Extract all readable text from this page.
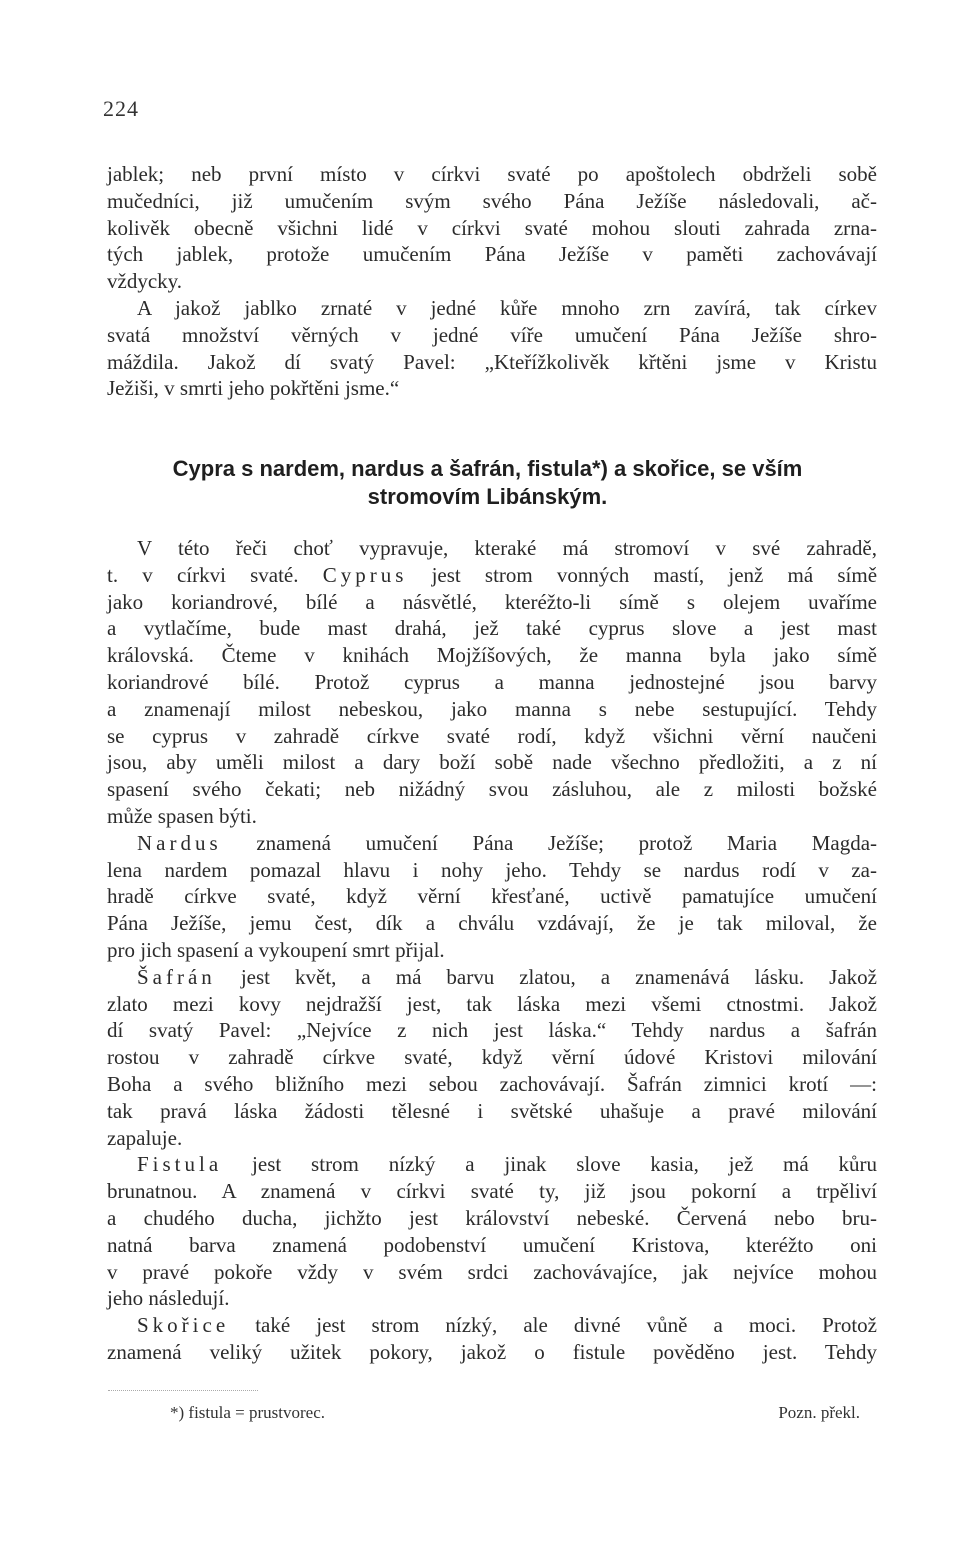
224
jablek; neb první místo v církvi svaté po apoštolech obdrželi sobě
mučedníci, již umučením svým svého Pána Ježíše následovali, ač-
kolivěk obecně všichni lidé v církvi svaté mohou slouti zahrada zrna-
tých jablek, protože umučením Pána Ježíše v paměti zachovávají
vždycky.
A jakož jablko zrnaté v jedné kůře mnoho zrn zavírá, tak církev
svatá množství věrných v jedné víře umučení Pána Ježíše shro-
máždila. Jakož dí svatý Pavel: „Kteřížkolivěk křtěni jsme v Kristu
Ježiši, v smrti jeho pokřtěni jsme.“
Cypra s nardem, nardus a šafrán, fistula*) a skořice, se vším
stromovím Libánským.
V této řeči choť vypravuje, kteraké má stromoví v své zahradě,
t. v církvi svaté. Cyprus jest strom vonných mastí, jenž má símě
jako koriandrové, bílé a násvětlé, kteréžto-li símě s olejem uvaříme
a vytlačíme, bude mast drahá, jež také cyprus slove a jest mast
královská. Čteme v knihách Mojžíšových, že manna byla jako símě
koriandrové bílé. Protož cyprus a manna jednostejné jsou barvy
a znamenají milost nebeskou, jako manna s nebe sestupující. Tehdy
se cyprus v zahradě církve svaté rodí, když všichni věrní naučeni
jsou, aby uměli milost a dary boží sobě nade všechno předložiti, a z ní
spasení svého čekati; neb nižádný svou zásluhou, ale z milosti božské
může spasen býti.
Nardus znamená umučení Pána Ježíše; protož Maria Magda-
lena nardem pomazal hlavu i nohy jeho. Tehdy se nardus rodí v za-
hradě církve svaté, když věrní křesťané, uctivě pamatujíce umučení
Pána Ježíše, jemu čest, dík a chválu vzdávají, že je tak miloval, že
pro jich spasení a vykoupení smrt přijal.
Šafrán jest květ, a má barvu zlatou, a znamenává lásku. Jakož
zlato mezi kovy nejdražší jest, tak láska mezi všemi ctnostmi. Jakož
dí svatý Pavel: „Nejvíce z nich jest láska.“ Tehdy nardus a šafrán
rostou v zahradě církve svaté, když věrní údové Kristovi milování
Boha a svého bližního mezi sebou zachovávají. Šafrán zimnici krotí —:
tak pravá láska žádosti tělesné i světské uhašuje a pravé milování
zapaluje.
Fistula jest strom nízký a jinak slove kasia, jež má kůru
brunatnou. A znamená v církvi svaté ty, již jsou pokorní a trpěliví
a chudého ducha, jichžto jest království nebeské. Červená nebo bru-
natná barva znamená podobenství umučení Kristova, kteréžto oni
v pravé pokoře vždy v svém srdci zachovávajíce, jak nejvíce mohou
jeho následují.
Skořice také jest strom nízký, ale divné vůně a moci. Protož
znamená veliký užitek pokory, jakož o fistule pověděno jest. Tehdy
*) fistula = prustvorec.	Pozn. překl.
